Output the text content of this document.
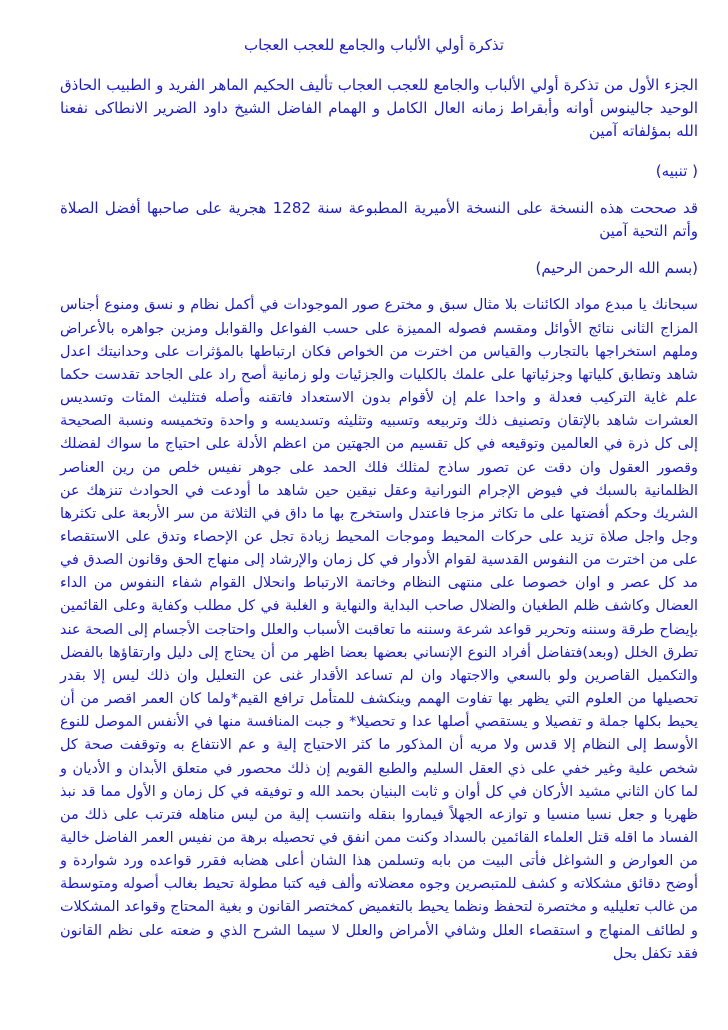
تذكرة أولي الألباب والجامع للعجب العجاب

الجزء الأول من تذكرة أولي الألباب والجامع للعجب العجاب تأليف الحكيم الماهر الفريد و الطبيب الحاذق الوحيد جالينوس أوانه وأبقراط زمانه العال الكامل و الهمام الفاضل الشيخ داود الضرير الانطاكى نفعنا الله بمؤلفاته آمين

( تنبيه)

قد صححت هذه النسخة على النسخة الأميرية المطبوعة سنة 1282 هجرية على صاحبها أفضل الصلاة وأتم التحية آمين

(بسم الله الرحمن الرحيم)

سبحانك يا مبدع مواد الكائنات بلا مثال سبق و مخترع صور الموجودات في أكمل نظام و نسق ومنوع أجناس المزاج الثانى نتائج الأوائل ومقسم فصوله المميزة على حسب الفواعل والقوابل ومزين جواهره بالأعراض وملهم استخراجها بالتجارب والقياس من اخترت من الخواص فكان ارتباطها بالمؤثرات على وحدانيتك اعدل شاهد وتطابق كلياتها وجزئياتها على علمك بالكليات والجزئيات ولو زمانية أصح راد على الجاحد تقدست حكما علم غاية التركيب فعدلة و واحدا علم إن لأقوام بدون الاستعداد فاتقنه وأصله فتثليث المئات وتسديس العشرات شاهد بالإتقان وتصنيف ذلك وتربيعه وتسبيه وتثليثه وتسديسه و واحدة وتخميسه ونسبة الصحيحة إلى كل ذرة في العالمين وتوقيعه في كل تقسيم من الجهتين من اعظم الأدلة على احتياج ما سواك لفضلك وقصور العقول وان دقت عن تصور ساذج لمثلك فلك الحمد على جوهر نفيس خلص من رين العناصر الظلمانية بالسبك في فيوض الإجرام النورانية وعقل نيقين حين شاهد ما أودعت في الحوادث تنزهك عن الشريك وحكم أفضتها على ما تكاثر مزجا فاعتدل واستخرج بها ما داق في الثلاثة من سر الأربعة على تكثرها وجل واجل صلاة تزيد على حركات المحيط وموجات المحيط زيادة تجل عن الإحصاء وتدق على الاستقصاء على من اخترت من النفوس القدسية لقوام الأدوار في كل زمان والإرشاد إلى منهاج الحق وقانون الصدق في مد كل عصر و اوان خصوصا على منتهى النظام وخاتمة الارتباط وانحلال القوام شفاء النفوس من الداء العضال وكاشف ظلم الطغيان والضلال صاحب البداية والنهاية و الغلبة في كل مطلب وكفاية وعلى القائمين بإيضاح طرقة وسننه وتحرير قواعد شرعة وسننه ما تعاقبت الأسباب والعلل واحتاجت الأجسام إلى الصحة عند تطرق الخلل (وبعد)فتفاضل أفراد النوع الإنساني بعضها بعضا اظهر من أن يحتاج إلى دليل وارتقاؤها بالفضل والتكميل القاصرين ولو بالسعي والاجتهاد وان لم تساعد الأقدار غنى عن التعليل وان ذلك ليس إلا بقدر تحصيلها من العلوم التي يظهر بها تفاوت الهمم وينكشف للمتأمل ترافع القيم*ولما كان العمر اقصر من أن يحيط بكلها جملة و تفصيلا و يستقصي أصلها عدا و تحصيلا* و جبت المنافسة منها في الأنفس الموصل للنوع الأوسط إلى النظام إلا قدس ولا مريه أن المذكور ما كثر الاحتياج إلية و عم الانتفاع به وتوقفت صحة كل شخص علية وغير خفي على ذي العقل السليم والطبع القويم إن ذلك محصور في متعلق الأبدان و الأديان و لما كان الثاني مشيد الأركان في كل أوان و ثابت البنيان بحمد الله و توفيقه في كل زمان و الأول مما قد نبذ ظهريا و جعل نسيا منسيا و توازعه الجهلاً فيماروا بنقله وانتسب إلية من ليس مناهله فترتب على ذلك من الفساد ما اقله قتل العلماء القائمين بالسداد وكنت ممن انفق في تحصيله برهة من نفيس العمر الفاضل خالية من العوارض و الشواغل فأتى البيت من بابه وتسلمن هذا الشان أعلى هضابه فقرر قواعده ورد شواردة و أوضح دقائق مشكلاته و كشف للمتبصرين وجوه معضلاته وألف فيه كتبا مطولة تحيط بغالب أصوله ومتوسطة من غالب تعليليه و مختصرة لتحفظ ونظما يحيط بالتغميض كمختصر القانون و بغية المحتاج وقواعد المشكلات و لطائف المنهاج و استقصاء العلل وشافي الأمراض والعلل لا سيما الشرح الذي و ضعته على نظم القانون فقد تكفل بحل
